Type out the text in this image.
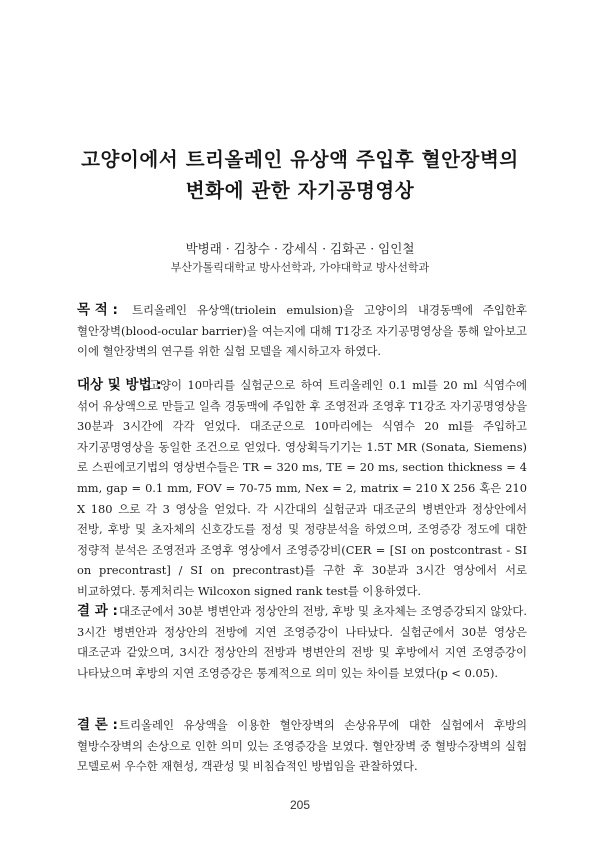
고양이에서 트리올레인 유상액 주입후 혈안장벽의
변화에 관한 자기공명영상
박병래 · 김창수 · 강세식 · 김화곤 · 임인철
부산가톨릭대학교 방사선학과, 가야대학교 방사선학과
목 적 :	트리올레인 유상액(triolein emulsion)을 고양이의 내경동맥에 주입한후 혈안장벽(blood-ocular barrier)을 여는지에 대해 T1강조 자기공명영상을 통해 알아보고 이에 혈안장벽의 연구를 위한 실험 모델을 제시하고자 하였다.
대상 및 방법 :
고양이 10마리를 실험군으로 하여 트리올레인 0.1 ml를 20 ml 식염수에 섞어 유상액으로 만들고 일측 경동맥에 주입한 후 조영전과 조영후 T1강조 자기공명영상을 30분과 3시간에 각각 얻었다. 대조군으로 10마리에는 식염수 20 ml를 주입하고 자기공명영상을 동일한 조건으로 얻었다. 영상획득기기는 1.5T MR (Sonata, Siemens)로 스핀에코기법의 영상변수들은 TR = 320 ms, TE = 20 ms, section thickness = 4 mm, gap = 0.1 mm, FOV = 70-75 mm, Nex = 2, matrix = 210 X 256 혹은 210 X 180 으로 각 3 영상을 얻었다. 각 시간대의 실험군과 대조군의 병변안과 정상안에서 전방, 후방 및 초자체의 신호강도를 정성 및 정량분석을 하였으며, 조영증강 정도에 대한 정량적 분석은 조영전과 조영후 영상에서 조영증강비(CER = [SI on postcontrast - SI on precontrast] / SI on precontrast)를 구한 후 30분과 3시간 영상에서 서로 비교하였다. 통계처리는 Wilcoxon signed rank test를 이용하였다.
결 과 : 대조군에서 30분 병변안과 정상안의 전방, 후방 및 초자체는 조영증강되지 않았다. 3시간 병변안과 정상안의 전방에 지연 조영증강이 나타났다. 실험군에서 30분 영상은 대조군과 같았으며, 3시간 정상안의 전방과 병변안의 전방 및 후방에서 지연 조영증강이 나타났으며 후방의 지연 조영증강은 통계적으로 의미 있는 차이를 보였다(p < 0.05).
결 론 : 트리올레인 유상액을 이용한 혈안장벽의 손상유무에 대한 실험에서 후방의 혈방수장벽의 손상으로 인한 의미 있는 조영증강을 보였다. 혈안장벽 중 혈방수장벽의 실험 모델로써 우수한 재현성, 객관성 및 비침습적인 방법임을 관찰하였다.
205
